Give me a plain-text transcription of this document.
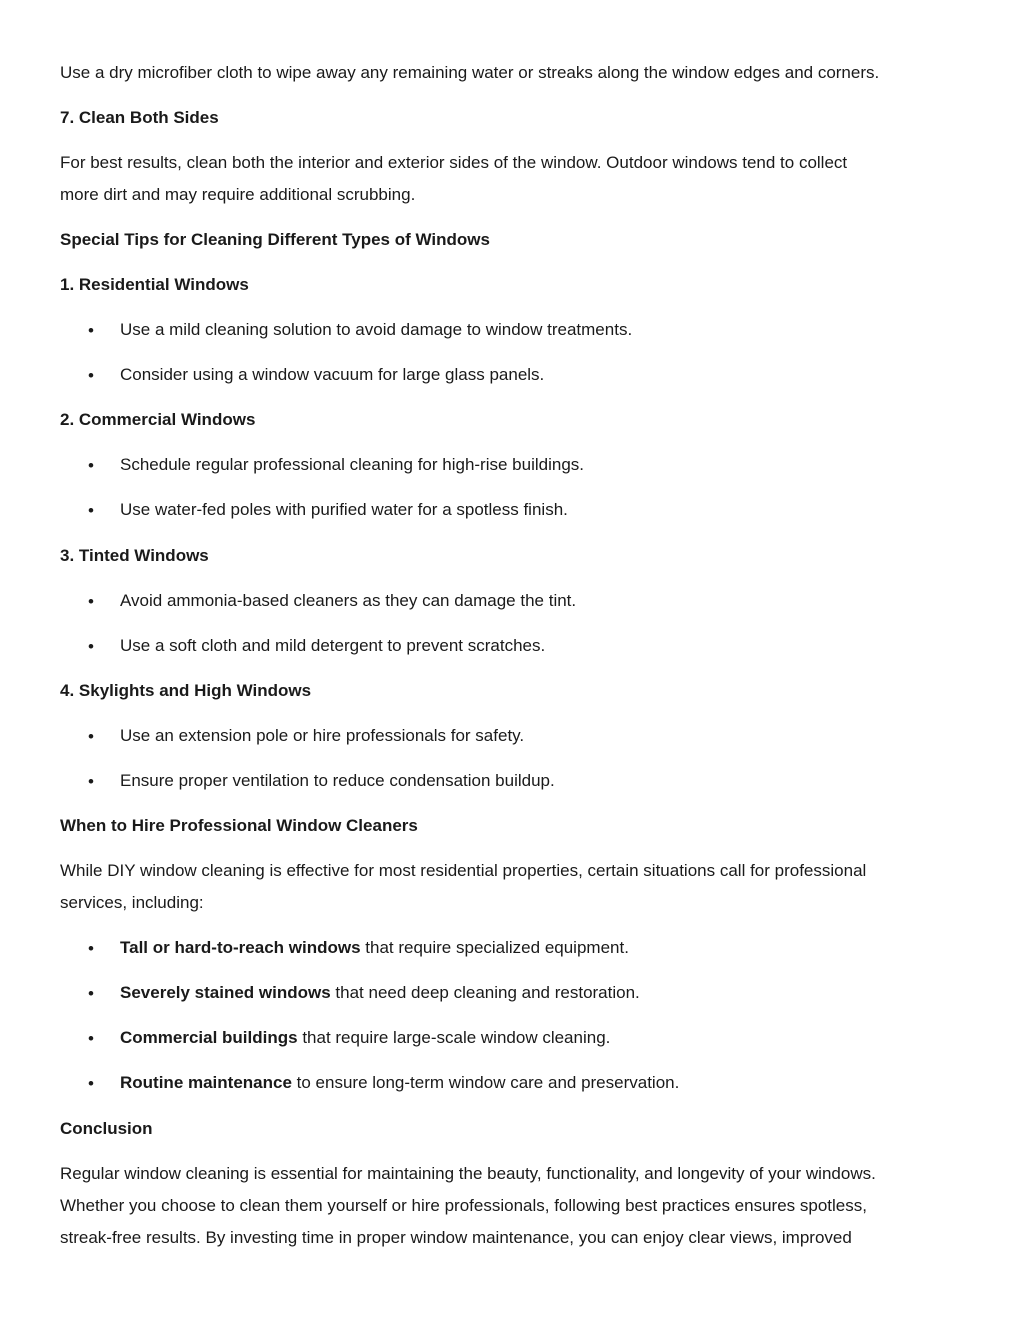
Use a dry microfiber cloth to wipe away any remaining water or streaks along the window edges and corners.
7. Clean Both Sides
For best results, clean both the interior and exterior sides of the window. Outdoor windows tend to collect
more dirt and may require additional scrubbing.
Special Tips for Cleaning Different Types of Windows
1. Residential Windows
•
Use a mild cleaning solution to avoid damage to window treatments.
•
Consider using a window vacuum for large glass panels.
2. Commercial Windows
•
Schedule regular professional cleaning for high-rise buildings.
•
Use water-fed poles with purified water for a spotless finish.
3. Tinted Windows
•
Avoid ammonia-based cleaners as they can damage the tint.
•
Use a soft cloth and mild detergent to prevent scratches.
4. Skylights and High Windows
•
Use an extension pole or hire professionals for safety.
•
Ensure proper ventilation to reduce condensation buildup.
When to Hire Professional Window Cleaners
While DIY window cleaning is effective for most residential properties, certain situations call for professional
services, including:
•
Tall or hard-to-reach windows that require specialized equipment.
•
Severely stained windows that need deep cleaning and restoration.
•
Commercial buildings that require large-scale window cleaning.
•
Routine maintenance to ensure long-term window care and preservation.
Conclusion
Regular window cleaning is essential for maintaining the beauty, functionality, and longevity of your windows.
Whether you choose to clean them yourself or hire professionals, following best practices ensures spotless,
streak-free results. By investing time in proper window maintenance, you can enjoy clear views, improved
